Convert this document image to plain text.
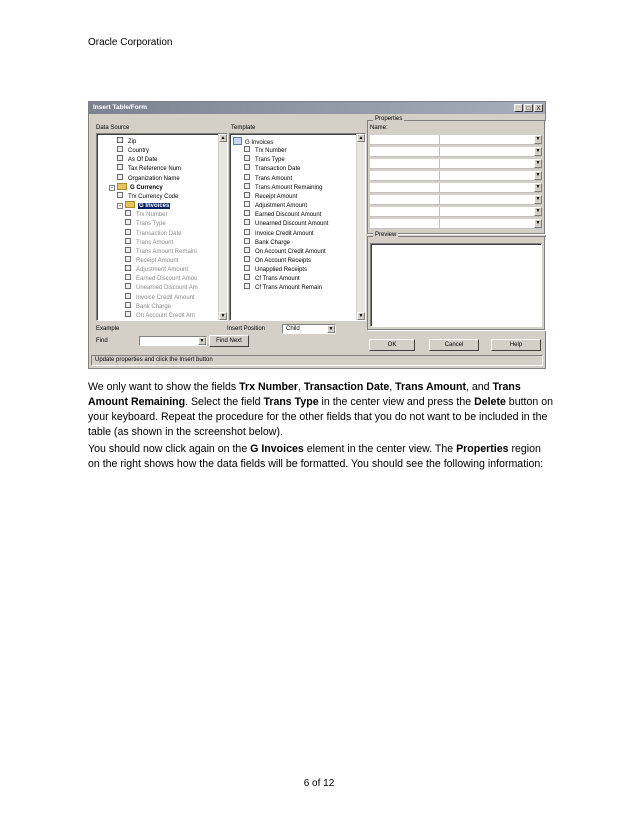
Oracle Corporation
Insert Table/Form	_	□	X
Data Source
Zip
Country
As Of Date
Tax Reference Num
Organization Name
−	G Currency
Trx Currency Code
−	G Invoices
Trx Number
Trans Type
Transaction Date
Trans Amount
Trans Amount Remaini
Receipt Amount
Adjustment Amount
Earned Discount Amou
Unearned Discount Am
Invoice Credit Amount
Bank Charge
On Account Credit Am
▲
▼
Template
G Invoices
Trx Number
Trans Type
Transaction Date
Trans Amount
Trans Amount Remaining
Receipt Amount
Adjustment Amount
Earned Discount Amount
Unearned Discount Amount
Invoice Credit Amount
Bank Charge
On Account Credit Amount
On Account Receipts
Unapplied Receipts
Cf Trans Amount
Cf Trans Amount Remain
▲
▼
Properties
Name:
▼
▼
▼
▼
▼
▼
▼
▼
Preview
Example
Find	▼	Find Next
Insert Position	Child	▼
OK	Cancel	Help
Update properties and click the Insert button
We only want to show the fields Trx Number, Transaction Date, Trans Amount, and Trans Amount Remaining. Select the field Trans Type in the center view and press the Delete button on your keyboard. Repeat the procedure for the other fields that you do not want to be included in the table (as shown in the screenshot below).
You should now click again on the G Invoices element in the center view. The Properties region on the right shows how the data fields will be formatted. You should see the following information:
6 of 12
